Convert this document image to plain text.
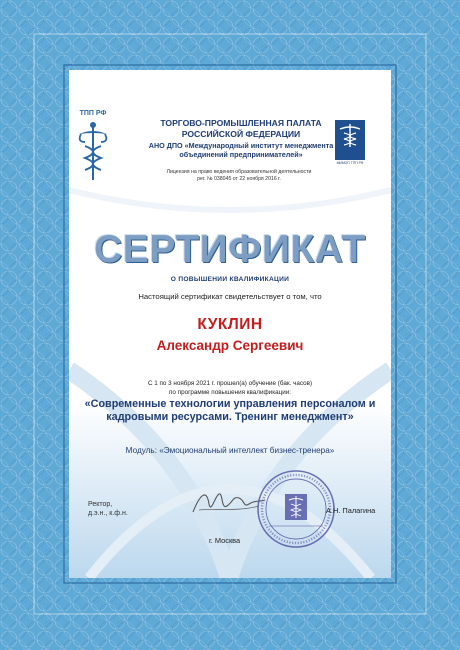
ТПП РФ
МИМОП ТПП РФ
ТОРГОВО-ПРОМЫШЛЕННАЯ ПАЛАТА
РОССИЙСКОЙ ФЕДЕРАЦИИ
АНО ДПО «Международный институт менеджмента
объединений предпринимателей»
Лицензия на право ведения образовательной деятельности
рег. № 038045 от 22 ноября 2016 г.
СЕРТИФИКАТ
О ПОВЫШЕНИИ КВАЛИФИКАЦИИ
Настоящий сертификат свидетельствует о том, что
КУКЛИН
Александр Сергеевич
С 1 по 3 ноября 2021 г. прошел(а) обучение (бак. часов)
по программе повышения квалификации:
«Современные технологии управления персоналом и кадровыми ресурсами. Тренинг менеджмент»
Модуль: «Эмоциональный интеллект бизнес-тренера»
Ректор,
д.э.н., к.ф.н.	А.Н. Палагина
г. Москва
